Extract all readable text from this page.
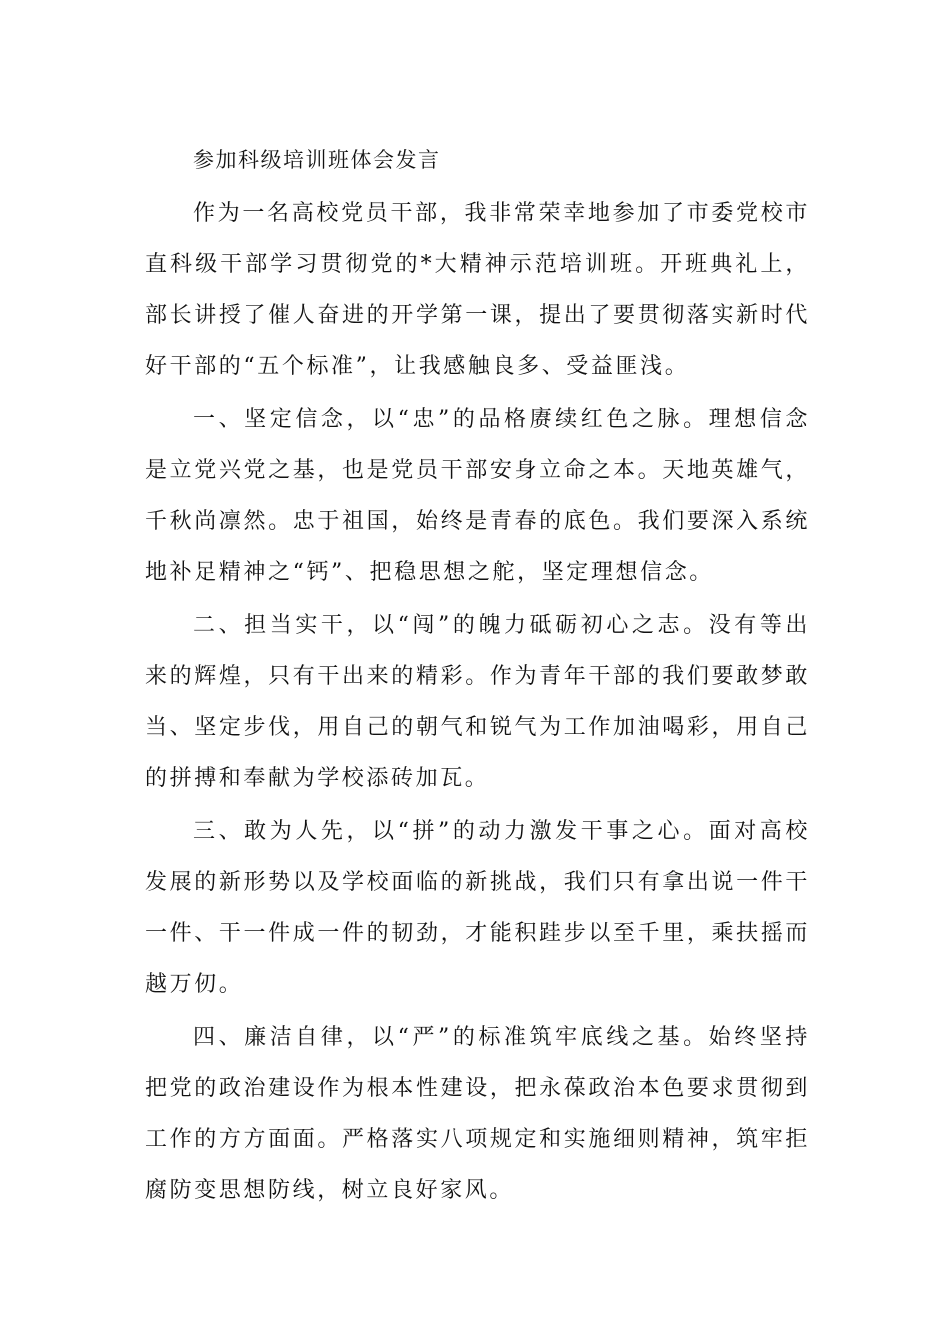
参加科级培训班体会发言

作为一名高校党员干部，我非常荣幸地参加了市委党校市直科级干部学习贯彻党的*大精神示范培训班。开班典礼上，部长讲授了催人奋进的开学第一课，提出了要贯彻落实新时代好干部的“五个标准”，让我感触良多、受益匪浅。

一、坚定信念，以“忠”的品格赓续红色之脉。理想信念是立党兴党之基，也是党员干部安身立命之本。天地英雄气，千秋尚凛然。忠于祖国，始终是青春的底色。我们要深入系统地补足精神之“钙”、把稳思想之舵，坚定理想信念。

二、担当实干，以“闯”的魄力砥砺初心之志。没有等出来的辉煌，只有干出来的精彩。作为青年干部的我们要敢梦敢当、坚定步伐，用自己的朝气和锐气为工作加油喝彩，用自己的拼搏和奉献为学校添砖加瓦。

三、敢为人先，以“拼”的动力激发干事之心。面对高校发展的新形势以及学校面临的新挑战，我们只有拿出说一件干一件、干一件成一件的韧劲，才能积跬步以至千里，乘扶摇而越万仞。

四、廉洁自律，以“严”的标准筑牢底线之基。始终坚持把党的政治建设作为根本性建设，把永葆政治本色要求贯彻到工作的方方面面。严格落实八项规定和实施细则精神，筑牢拒腐防变思想防线，树立良好家风。
